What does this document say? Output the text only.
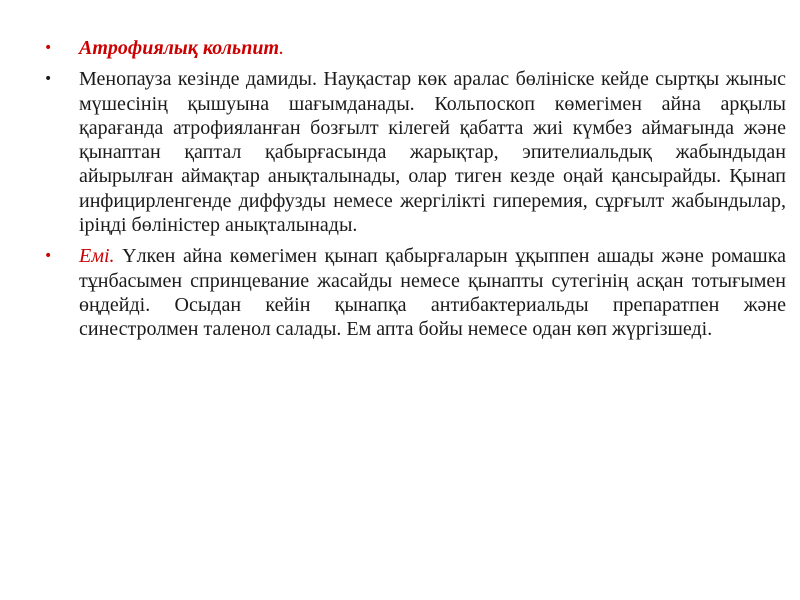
• Атрофиялық кольпит.
• Менопауза кезінде дамиды. Науқастар көк аралас бөлініске кейде сыртқы жыныс мүшесінің қышуына шағымданады. Кольпоскоп көмегімен айна арқылы қарағанда атрофияланған бозғылт кілегей қабатта жиі күмбез аймағында және қынаптан қаптал қабырғасында жарықтар, эпителиальдық жабындыдан айырылған аймақтар анықталынады, олар тиген кезде оңай қансырайды. Қынап инфицирленгенде диффузды немесе жергілікті гиперемия, сұрғылт жабындылар, іріңді бөліністер анықталынады.
• Емі. Үлкен айна көмегімен қынап қабырғаларын ұқыппен ашады және ромашка тұнбасымен спринцевание жасайды немесе қынапты сутегінің асқан тотығымен өңдейді. Осыдан кейін қынапқа антибактериальды препаратпен және синестролмен таленол салады. Ем апта бойы немесе одан көп жүргізшеді.
